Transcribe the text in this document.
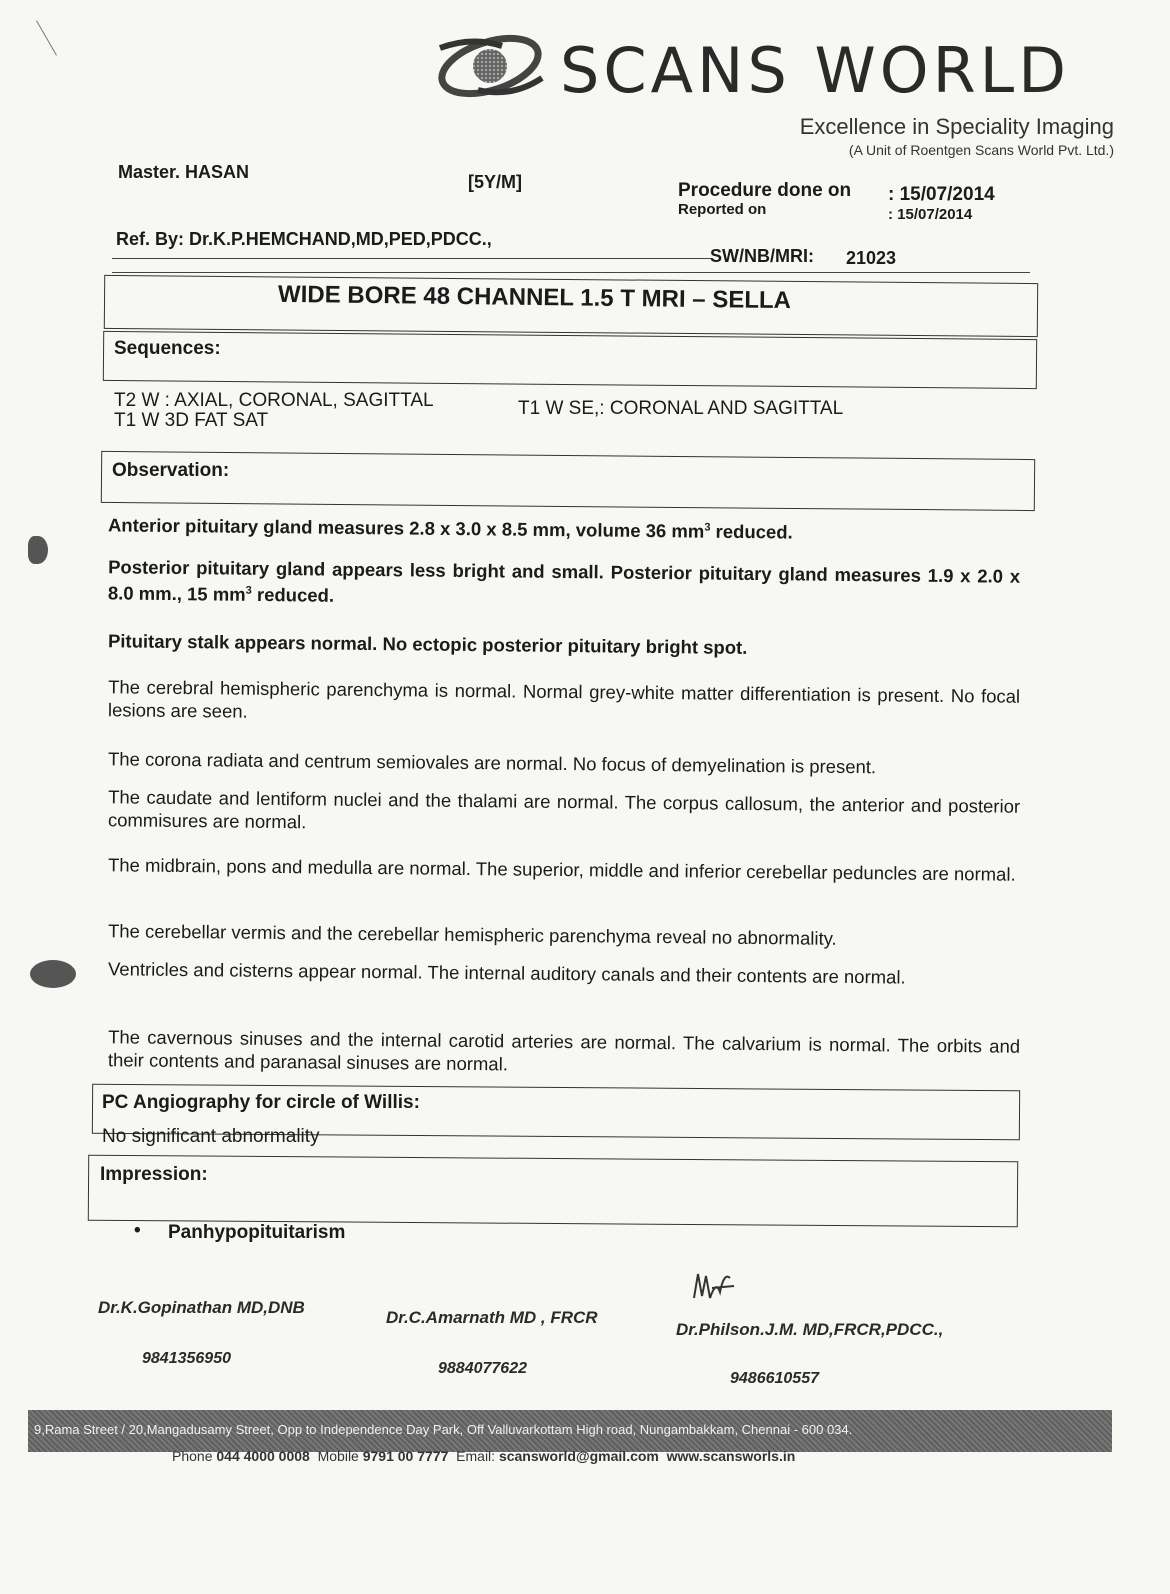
SCANS WORLD
Excellence in Speciality Imaging
(A Unit of Roentgen Scans World Pvt. Ltd.)
Master. HASAN	[5Y/M]	Procedure done on : 15/07/2014
Reported on	: 15/07/2014
Ref. By: Dr.K.P.HEMCHAND,MD,PED,PDCC.,
SW/NB/MRI: 21023
WIDE BORE 48 CHANNEL 1.5 T MRI – SELLA
Sequences:
T2 W : AXIAL, CORONAL, SAGITTAL	T1 W SE,: CORONAL AND SAGITTAL
T1 W 3D FAT SAT
Observation:
Anterior pituitary gland measures 2.8 x 3.0 x 8.5 mm, volume 36 $mm^3$ reduced.
Posterior pituitary gland appears less bright and small. Posterior pituitary gland measures 1.9 x 2.0 x 8.0 mm., 15 $mm^3$ reduced.
Pituitary stalk appears normal. No ectopic posterior pituitary bright spot.
The cerebral hemispheric parenchyma is normal. Normal grey-white matter differentiation is present. No focal lesions are seen.
The corona radiata and centrum semiovales are normal. No focus of demyelination is present.
The caudate and lentiform nuclei and the thalami are normal. The corpus callosum, the anterior and posterior commisures are normal.
The midbrain, pons and medulla are normal. The superior, middle and inferior cerebellar peduncles are normal.
The cerebellar vermis and the cerebellar hemispheric parenchyma reveal no abnormality.
Ventricles and cisterns appear normal. The internal auditory canals and their contents are normal.
The cavernous sinuses and the internal carotid arteries are normal. The calvarium is normal. The orbits and their contents and paranasal sinuses are normal.
PC Angiography for circle of Willis:
No significant abnormality
Impression:
• Panhypopituitarism
Dr.K.Gopinathan MD,DNB
9841356950
Dr.C.Amarnath MD , FRCR
9884077622
Dr.Philson.J.M. MD,FRCR,PDCC.,
9486610557
9,Rama Street / 20,Mangadusamy Street, Opp to Independence Day Park, Off Valluvarkottam High road, Nungambakkam, Chennai - 600 034.
Phone 044 4000 0008 Mobile 9791 00 7777 Email: scansworld@gmail.com www.scansworls.in
